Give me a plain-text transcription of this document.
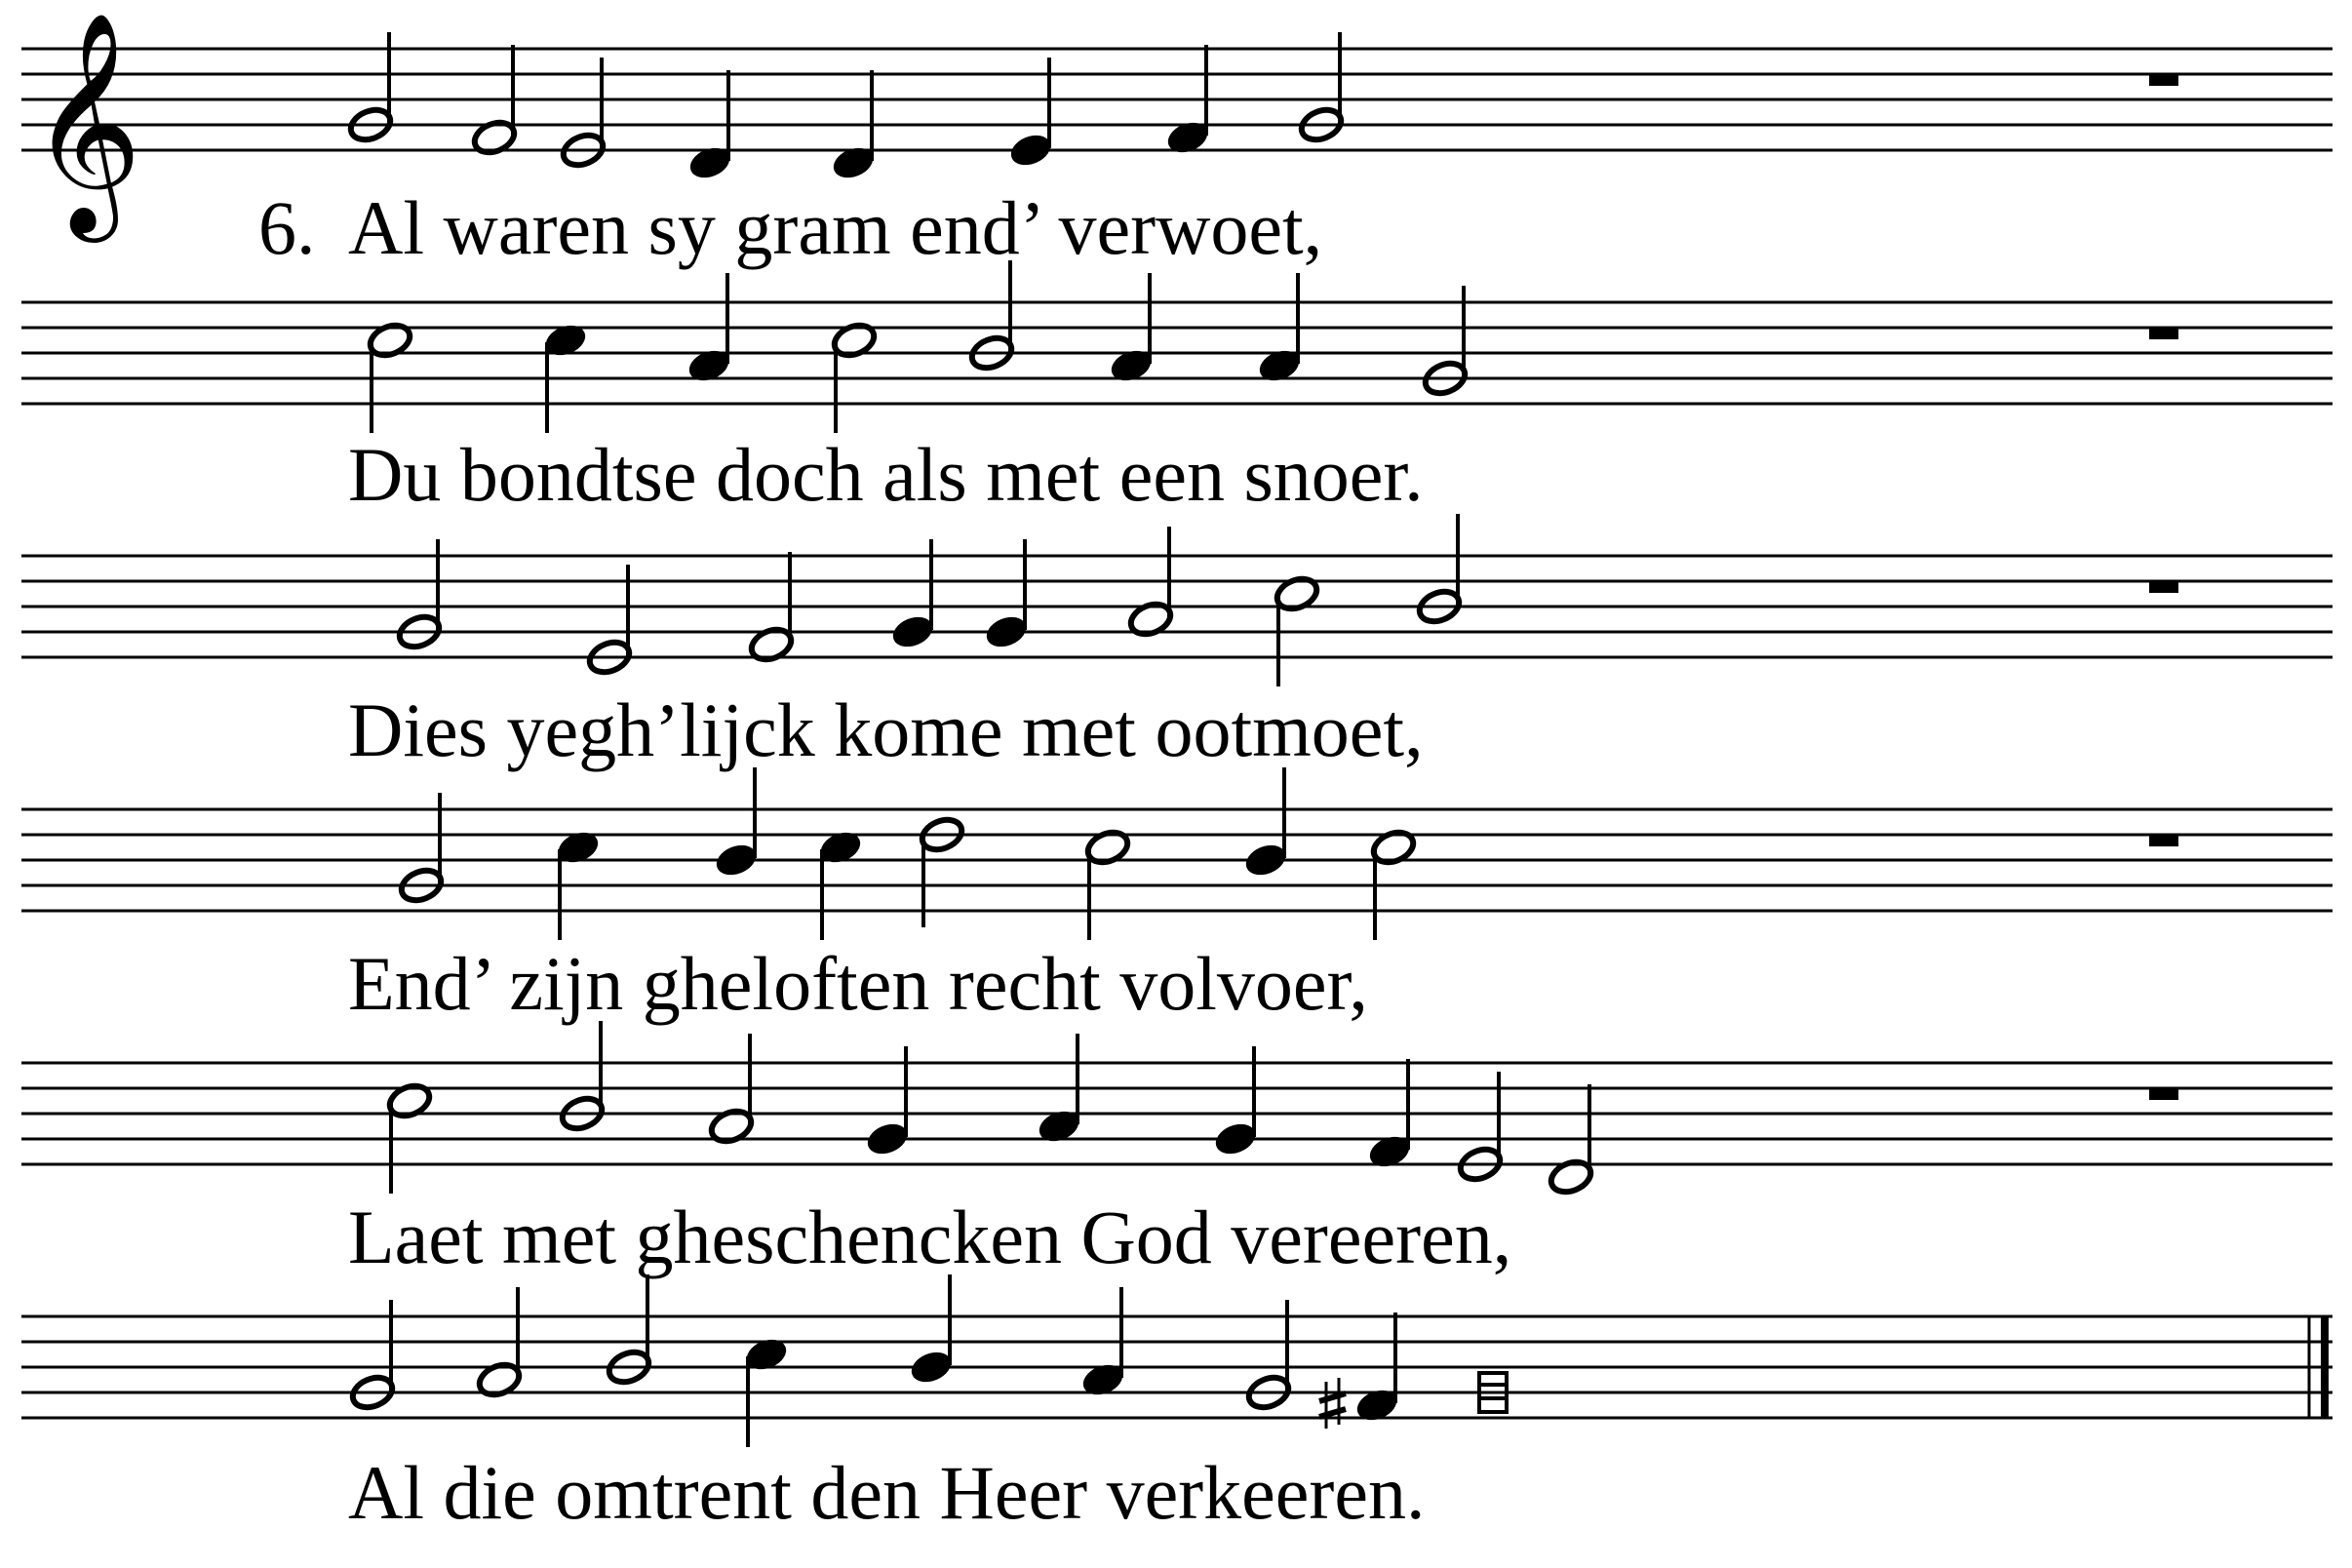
𝄞	Al waren sy gram end’ verwoet,
Du bondtse doch als met een snoer.
Dies yegh’lijck kome met ootmoet,
End’ zijn gheloften recht volvoer,
Laet met gheschencken God vereeren,
Al die omtrent den Heer verkeeren.
6.
